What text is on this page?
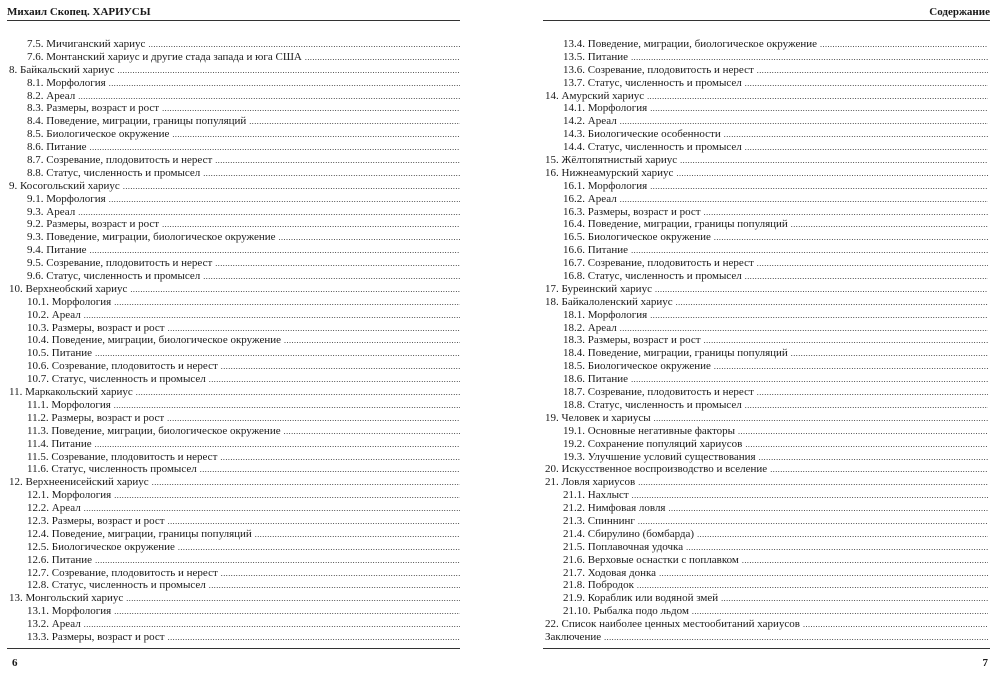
Михаил Скопец. ХАРИУСЫ
7.5. Мичиганский хариус
.....
7.6. Монтанский хариус и другие стада запада и юга США
.....
8. Байкальский хариус
.....
8.1. Морфология
.....
8.2. Ареал
.....
8.3. Размеры, возраст и рост
.....
8.4. Поведение, миграции, границы популяций
.....
8.5. Биологическое окружение
.....
8.6. Питание
.....
8.7. Созревание, плодовитость и нерест
.....
8.8. Статус, численность и промысел
.....
9. Косогольский хариус
.....
9.1. Морфология
.....
9.3. Ареал
.....
9.2. Размеры, возраст и рост
.....
9.3. Поведение, миграции, биологическое окружение
.....
9.4. Питание
.....
9.5. Созревание, плодовитость и нерест
.....
9.6. Статус, численность и промысел
.....
10. Верхнеобский хариус
.....
10.1. Морфология
.....
10.2. Ареал
.....
10.3. Размеры, возраст и рост
.....
10.4. Поведение, миграции, биологическое окружение
.....
10.5. Питание
.....
10.6. Созревание, плодовитость и нерест
.....
10.7. Статус, численность и промысел
.....
11. Маркакольский хариус
.....
11.1. Морфология
.....
11.2. Размеры, возраст и рост
.....
11.3. Поведение, миграции, биологическое окружение
.....
11.4. Питание
.....
11.5. Созревание, плодовитость и нерест
.....
11.6. Статус, численность промысел
.....
12. Верхнеенисейский хариус
.....
12.1. Морфология
.....
12.2. Ареал
.....
12.3. Размеры, возраст и рост
.....
12.4. Поведение, миграции, границы популяций
.....
12.5. Биологическое окружение
.....
12.6. Питание
.....
12.7. Созревание, плодовитость и нерест
.....
12.8. Статус, численность и промысел
.....
13. Монгольский хариус
.....
13.1. Морфология
.....
13.2. Ареал
.....
13.3. Размеры, возраст и рост
.....
6
Содержание
13.4. Поведение, миграции, биологическое окружение
.....
13.5. Питание
.....
13.6. Созревание, плодовитость и нерест
.....
13.7. Статус, численность и промысел
.....
14. Амурский хариус
.....
14.1. Морфология
.....
14.2. Ареал
.....
14.3. Биологические особенности
.....
14.4. Статус, численность и промысел
.....
15. Жёлтопятнистый хариус
.....
16. Нижнеамурский хариус
.....
16.1. Морфология
.....
16.2. Ареал
.....
16.3. Размеры, возраст и рост
.....
16.4. Поведение, миграции, границы популяций
.....
16.5. Биологическое окружение
.....
16.6. Питание
.....
16.7. Созревание, плодовитость и нерест
.....
16.8. Статус, численность и промысел
.....
17. Буреинский хариус
.....
18. Байкалоленский хариус
.....
18.1. Морфология
.....
18.2. Ареал
.....
18.3. Размеры, возраст и рост
.....
18.4. Поведение, миграции, границы популяций
.....
18.5. Биологическое окружение
.....
18.6. Питание
.....
18.7. Созревание, плодовитость и нерест
.....
18.8. Статус, численность и промысел
.....
19. Человек и хариусы
.....
19.1. Основные негативные факторы
.....
19.2. Сохранение популяций хариусов
.....
19.3. Улучшение условий существования
.....
20. Искусственное воспроизводство и вселение
.....
21. Ловля хариусов
.....
21.1. Нахлыст
.....
21.2. Нимфовая ловля
.....
21.3. Спиннинг
.....
21.4. Сбирулино (бомбарда)
.....
21.5. Поплавочная удочка
.....
21.6. Верховые оснастки с поплавком
.....
21.7. Ходовая донка
.....
21.8. Побродок
.....
21.9. Кораблик или водяной змей
.....
21.10. Рыбалка подо льдом
.....
22. Список наиболее ценных местообитаний хариусов
.....
Заключение
.....
7
